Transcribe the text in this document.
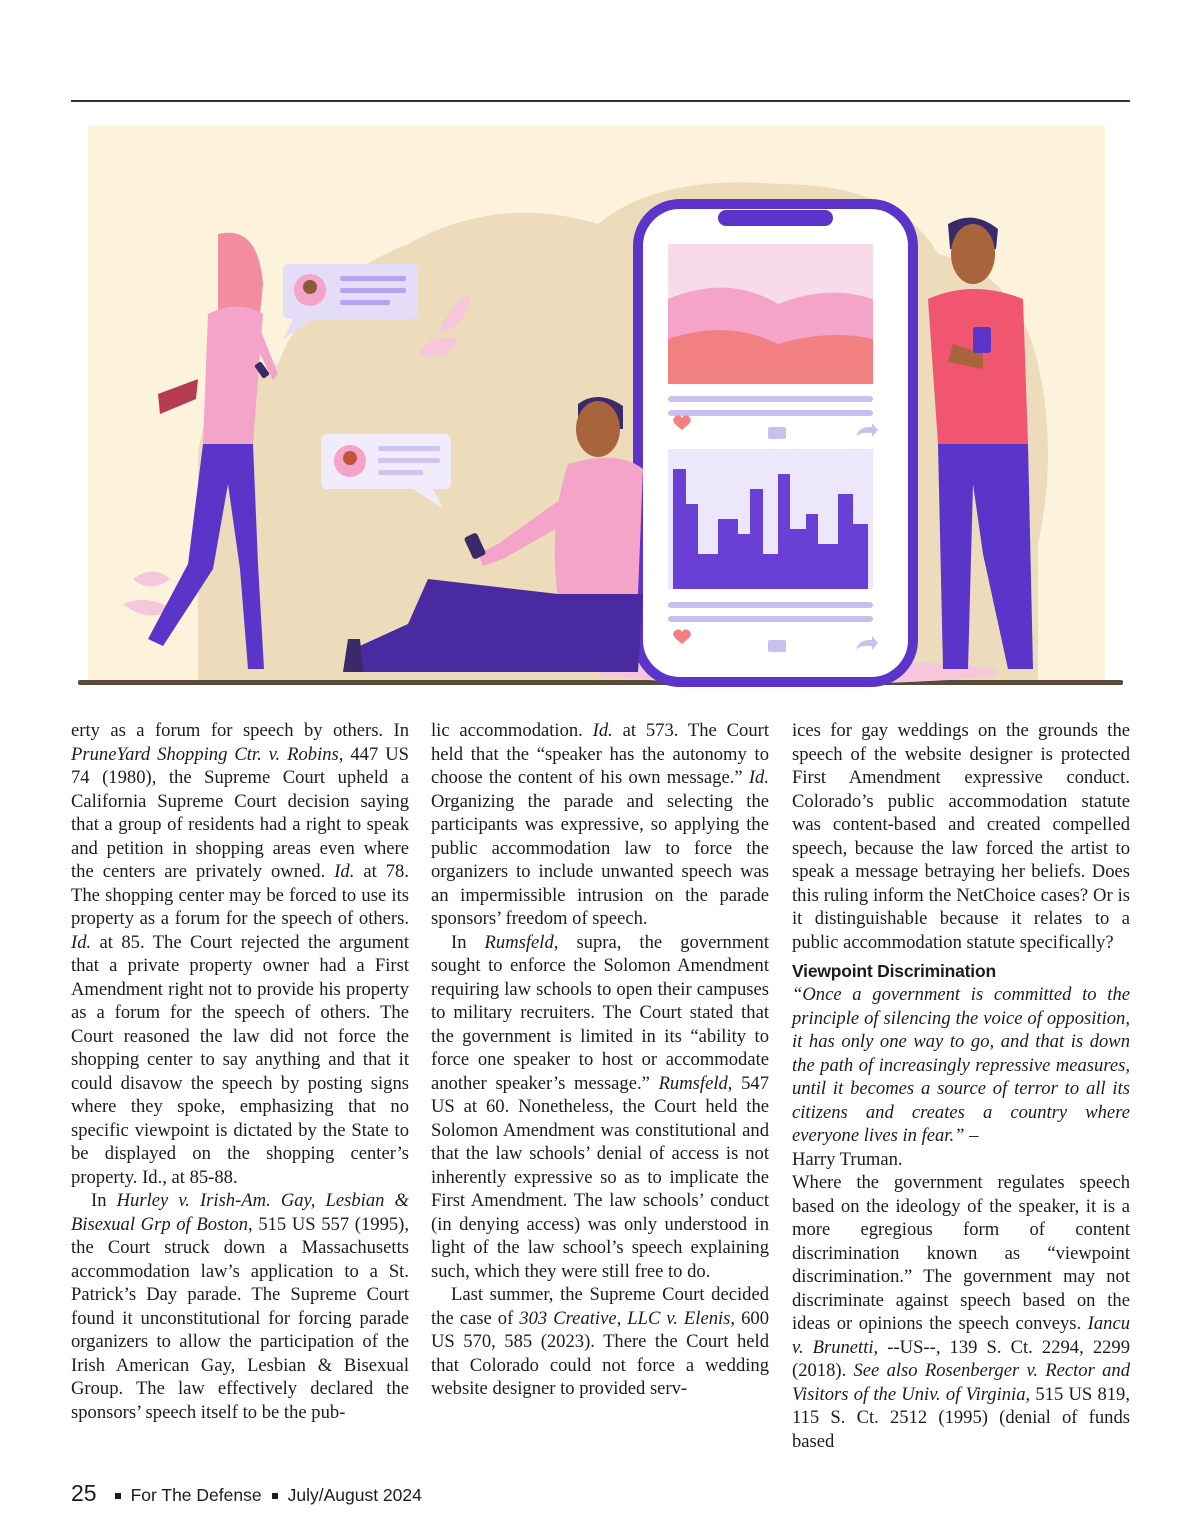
erty as a forum for speech by others. In PruneYard Shopping Ctr. v. Robins, 447 US 74 (1980), the Supreme Court upheld a California Supreme Court decision saying that a group of residents had a right to speak and petition in shopping areas even where the centers are privately owned. Id. at 78. The shopping center may be forced to use its property as a forum for the speech of others. Id. at 85. The Court rejected the argument that a private property owner had a First Amendment right not to provide his property as a forum for the speech of others. The Court reasoned the law did not force the shopping center to say anything and that it could disavow the speech by posting signs where they spoke, emphasizing that no specific viewpoint is dictated by the State to be displayed on the shopping center’s property. Id., at 85-88.

In Hurley v. Irish-Am. Gay, Lesbian & Bisexual Grp of Boston, 515 US 557 (1995), the Court struck down a Massachusetts accommodation law’s application to a St. Patrick’s Day parade. The Supreme Court found it unconstitutional for forcing parade organizers to allow the participation of the Irish American Gay, Lesbian & Bisexual Group. The law effectively declared the sponsors’ speech itself to be the pub-

lic accommodation. Id. at 573. The Court held that the “speaker has the autonomy to choose the content of his own message.” Id. Organizing the parade and selecting the participants was expressive, so applying the public accommodation law to force the organizers to include unwanted speech was an impermissible intrusion on the parade sponsors’ freedom of speech.

In Rumsfeld, supra, the government sought to enforce the Solomon Amendment requiring law schools to open their campuses to military recruiters. The Court stated that the government is limited in its “ability to force one speaker to host or accommodate another speaker’s message.” Rumsfeld, 547 US at 60. Nonetheless, the Court held the Solomon Amendment was constitutional and that the law schools’ denial of access is not inherently expressive so as to implicate the First Amendment. The law schools’ conduct (in denying access) was only understood in light of the law school’s speech explaining such, which they were still free to do.

Last summer, the Supreme Court decided the case of 303 Creative, LLC v. Elenis, 600 US 570, 585 (2023). There the Court held that Colorado could not force a wedding website designer to provided serv-

ices for gay weddings on the grounds the speech of the website designer is protected First Amendment expressive conduct. Colorado’s public accommodation statute was content-based and created compelled speech, because the law forced the artist to speak a message betraying her beliefs. Does this ruling inform the NetChoice cases? Or is it distinguishable because it relates to a public accommodation statute specifically?

Viewpoint Discrimination

“Once a government is committed to the principle of silencing the voice of opposition, it has only one way to go, and that is down the path of increasingly repressive measures, until it becomes a source of terror to all its citizens and creates a country where everyone lives in fear.” –

Harry Truman.

Where the government regulates speech based on the ideology of the speaker, it is a more egregious form of content discrimination known as “viewpoint discrimination.” The government may not discriminate against speech based on the ideas or opinions the speech conveys. Iancu v. Brunetti, --US--, 139 S. Ct. 2294, 2299 (2018). See also Rosenberger v. Rector and Visitors of the Univ. of Virginia, 515 US 819, 115 S. Ct. 2512 (1995) (denial of funds based

25 For The Defense July/August 2024
